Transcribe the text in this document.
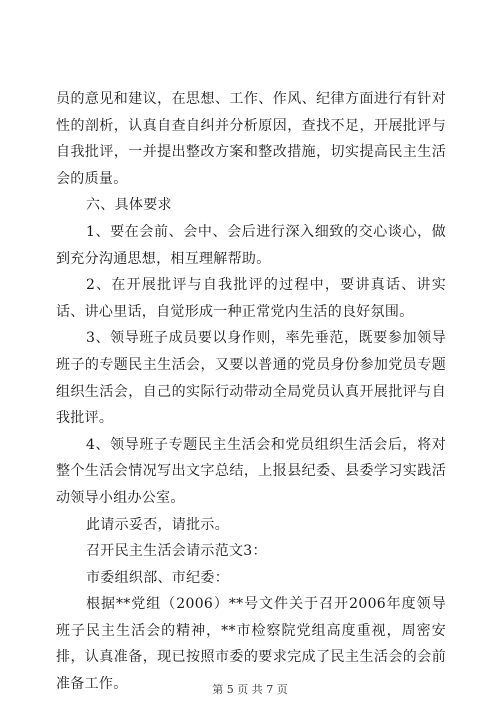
员的意见和建议，在思想、工作、作风、纪律方面进行有针对性的剖析，认真自查自纠并分析原因，查找不足，开展批评与自我批评，一并提出整改方案和整改措施，切实提高民主生活会的质量。

六、具体要求

1、要在会前、会中、会后进行深入细致的交心谈心，做到充分沟通思想，相互理解帮助。

2、在开展批评与自我批评的过程中，要讲真话、讲实话、讲心里话，自觉形成一种正常党内生活的良好氛围。

3、领导班子成员要以身作则，率先垂范，既要参加领导班子的专题民主生活会，又要以普通的党员身份参加党员专题组织生活会，自己的实际行动带动全局党员认真开展批评与自我批评。

4、领导班子专题民主生活会和党员组织生活会后，将对整个生活会情况写出文字总结，上报县纪委、县委学习实践活动领导小组办公室。

此请示妥否，请批示。

召开民主生活会请示范文3：

市委组织部、市纪委：

根据**党组（2006）**号文件关于召开2006年度领导班子民主生活会的精神，**市检察院党组高度重视，周密安排，认真准备，现已按照市委的要求完成了民主生活会的会前准备工作。	第 5 页 共 7 页
